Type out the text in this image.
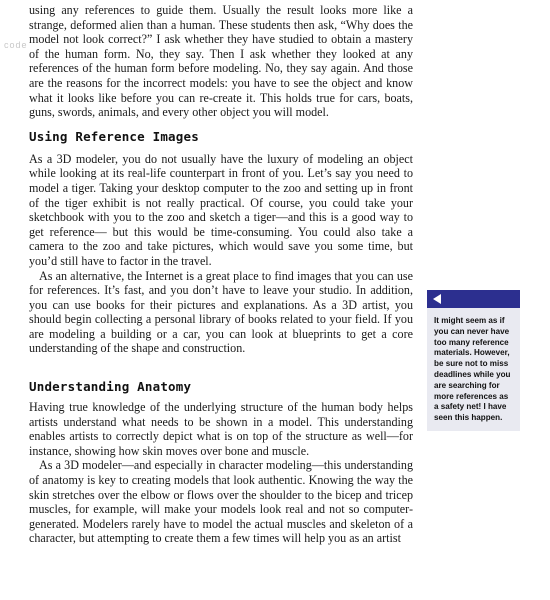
code

using any references to guide them. Usually the result looks more like a strange, deformed alien than a human. These students then ask, “Why does the model not look correct?” I ask whether they have studied to obtain a mastery of the human form. No, they say. Then I ask whether they looked at any references of the human form before modeling. No, they say again. And those are the reasons for the incorrect models: you have to see the object and know what it looks like before you can re-create it. This holds true for cars, boats, guns, swords, animals, and every other object you will model.

Using Reference Images

As a 3D modeler, you do not usually have the luxury of modeling an object while looking at its real-life counterpart in front of you. Let’s say you need to model a tiger. Taking your desktop computer to the zoo and setting up in front of the tiger exhibit is not really practical. Of course, you could take your sketchbook with you to the zoo and sketch a tiger—and this is a good way to get reference— but this would be time-consuming. You could also take a camera to the zoo and take pictures, which would save you some time, but you’d still have to factor in the travel.

As an alternative, the Internet is a great place to find images that you can use for references. It’s fast, and you don’t have to leave your studio. In addition, you can use books for their pictures and explanations. As a 3D artist, you should begin collecting a personal library of books related to your field. If you are modeling a building or a car, you can look at blueprints to get a core understanding of the shape and construction.

Understanding Anatomy

Having true knowledge of the underlying structure of the human body helps artists understand what needs to be shown in a model. This understanding enables artists to correctly depict what is on top of the structure as well—for instance, showing how skin moves over bone and muscle.

As a 3D modeler—and especially in character modeling—this understanding of anatomy is key to creating models that look authentic. Knowing the way the skin stretches over the elbow or flows over the shoulder to the bicep and tricep muscles, for example, will make your models look real and not so computer-generated. Modelers rarely have to model the actual muscles and skeleton of a character, but attempting to create them a few times will help you as an artist

It might seem as if you can never have too many reference materials. However, be sure not to miss deadlines while you are searching for more references as a safety net! I have seen this happen.
